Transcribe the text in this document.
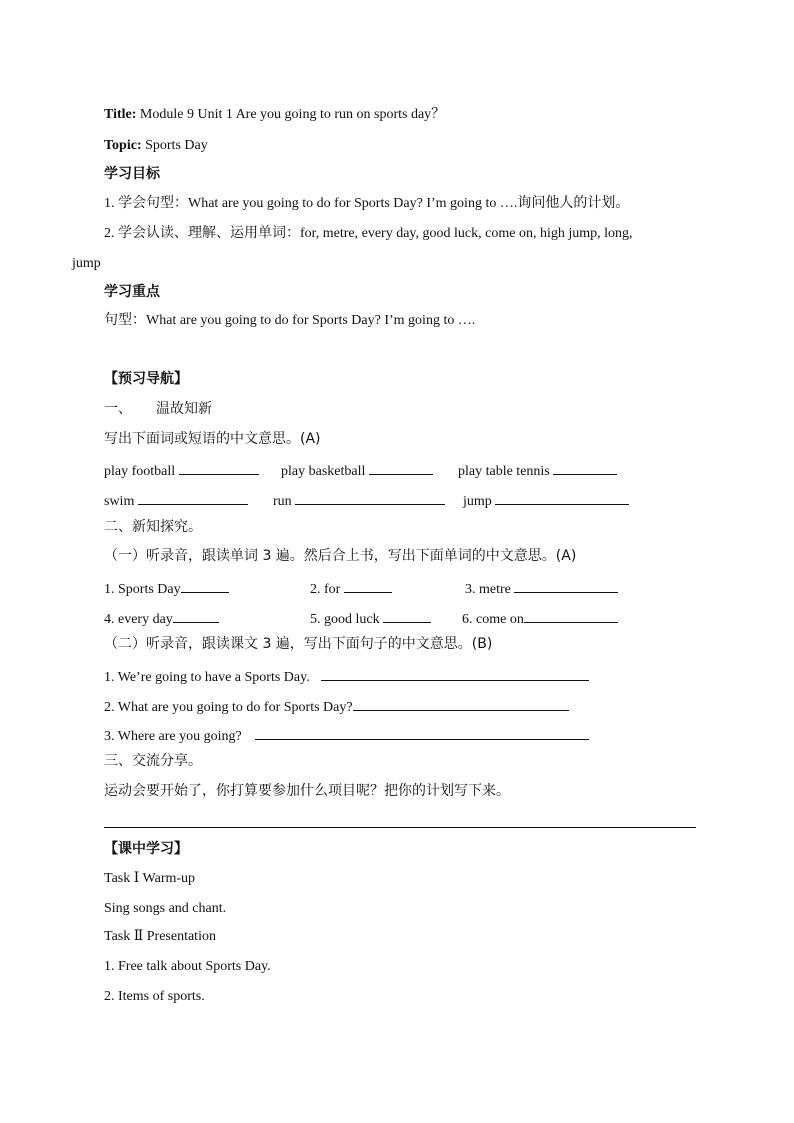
Title: Module 9 Unit 1 Are you going to run on sports day？
Topic: Sports Day
学习目标
1. 学会句型：What are you going to do for Sports Day? I’m going to ….询问他人的计划。
2. 学会认读、理解、运用单词：for, metre, every day, good luck, come on, high jump, long,
jump
学习重点
句型：What are you going to do for Sports Day? I’m going to ….
【预习导航】
一、 温故知新
写出下面词或短语的中文意思。(A)
play football	play basketball	play table tennis
swim	run	jump
二、新知探究。
（一）听录音，跟读单词 3 遍。然后合上书，写出下面单词的中文意思。(A)
1. Sports Day	2. for	3. metre
4. every day	5. good luck	6. come on
（二）听录音，跟读课文 3 遍，写出下面句子的中文意思。(B)
1. We’re going to have a Sports Day.
2. What are you going to do for Sports Day?
3. Where are you going?
三、交流分享。
运动会要开始了，你打算要参加什么项目呢？把你的计划写下来。
【课中学习】
Task Ⅰ Warm-up
Sing songs and chant.
Task Ⅱ Presentation
1. Free talk about Sports Day.
2. Items of sports.
